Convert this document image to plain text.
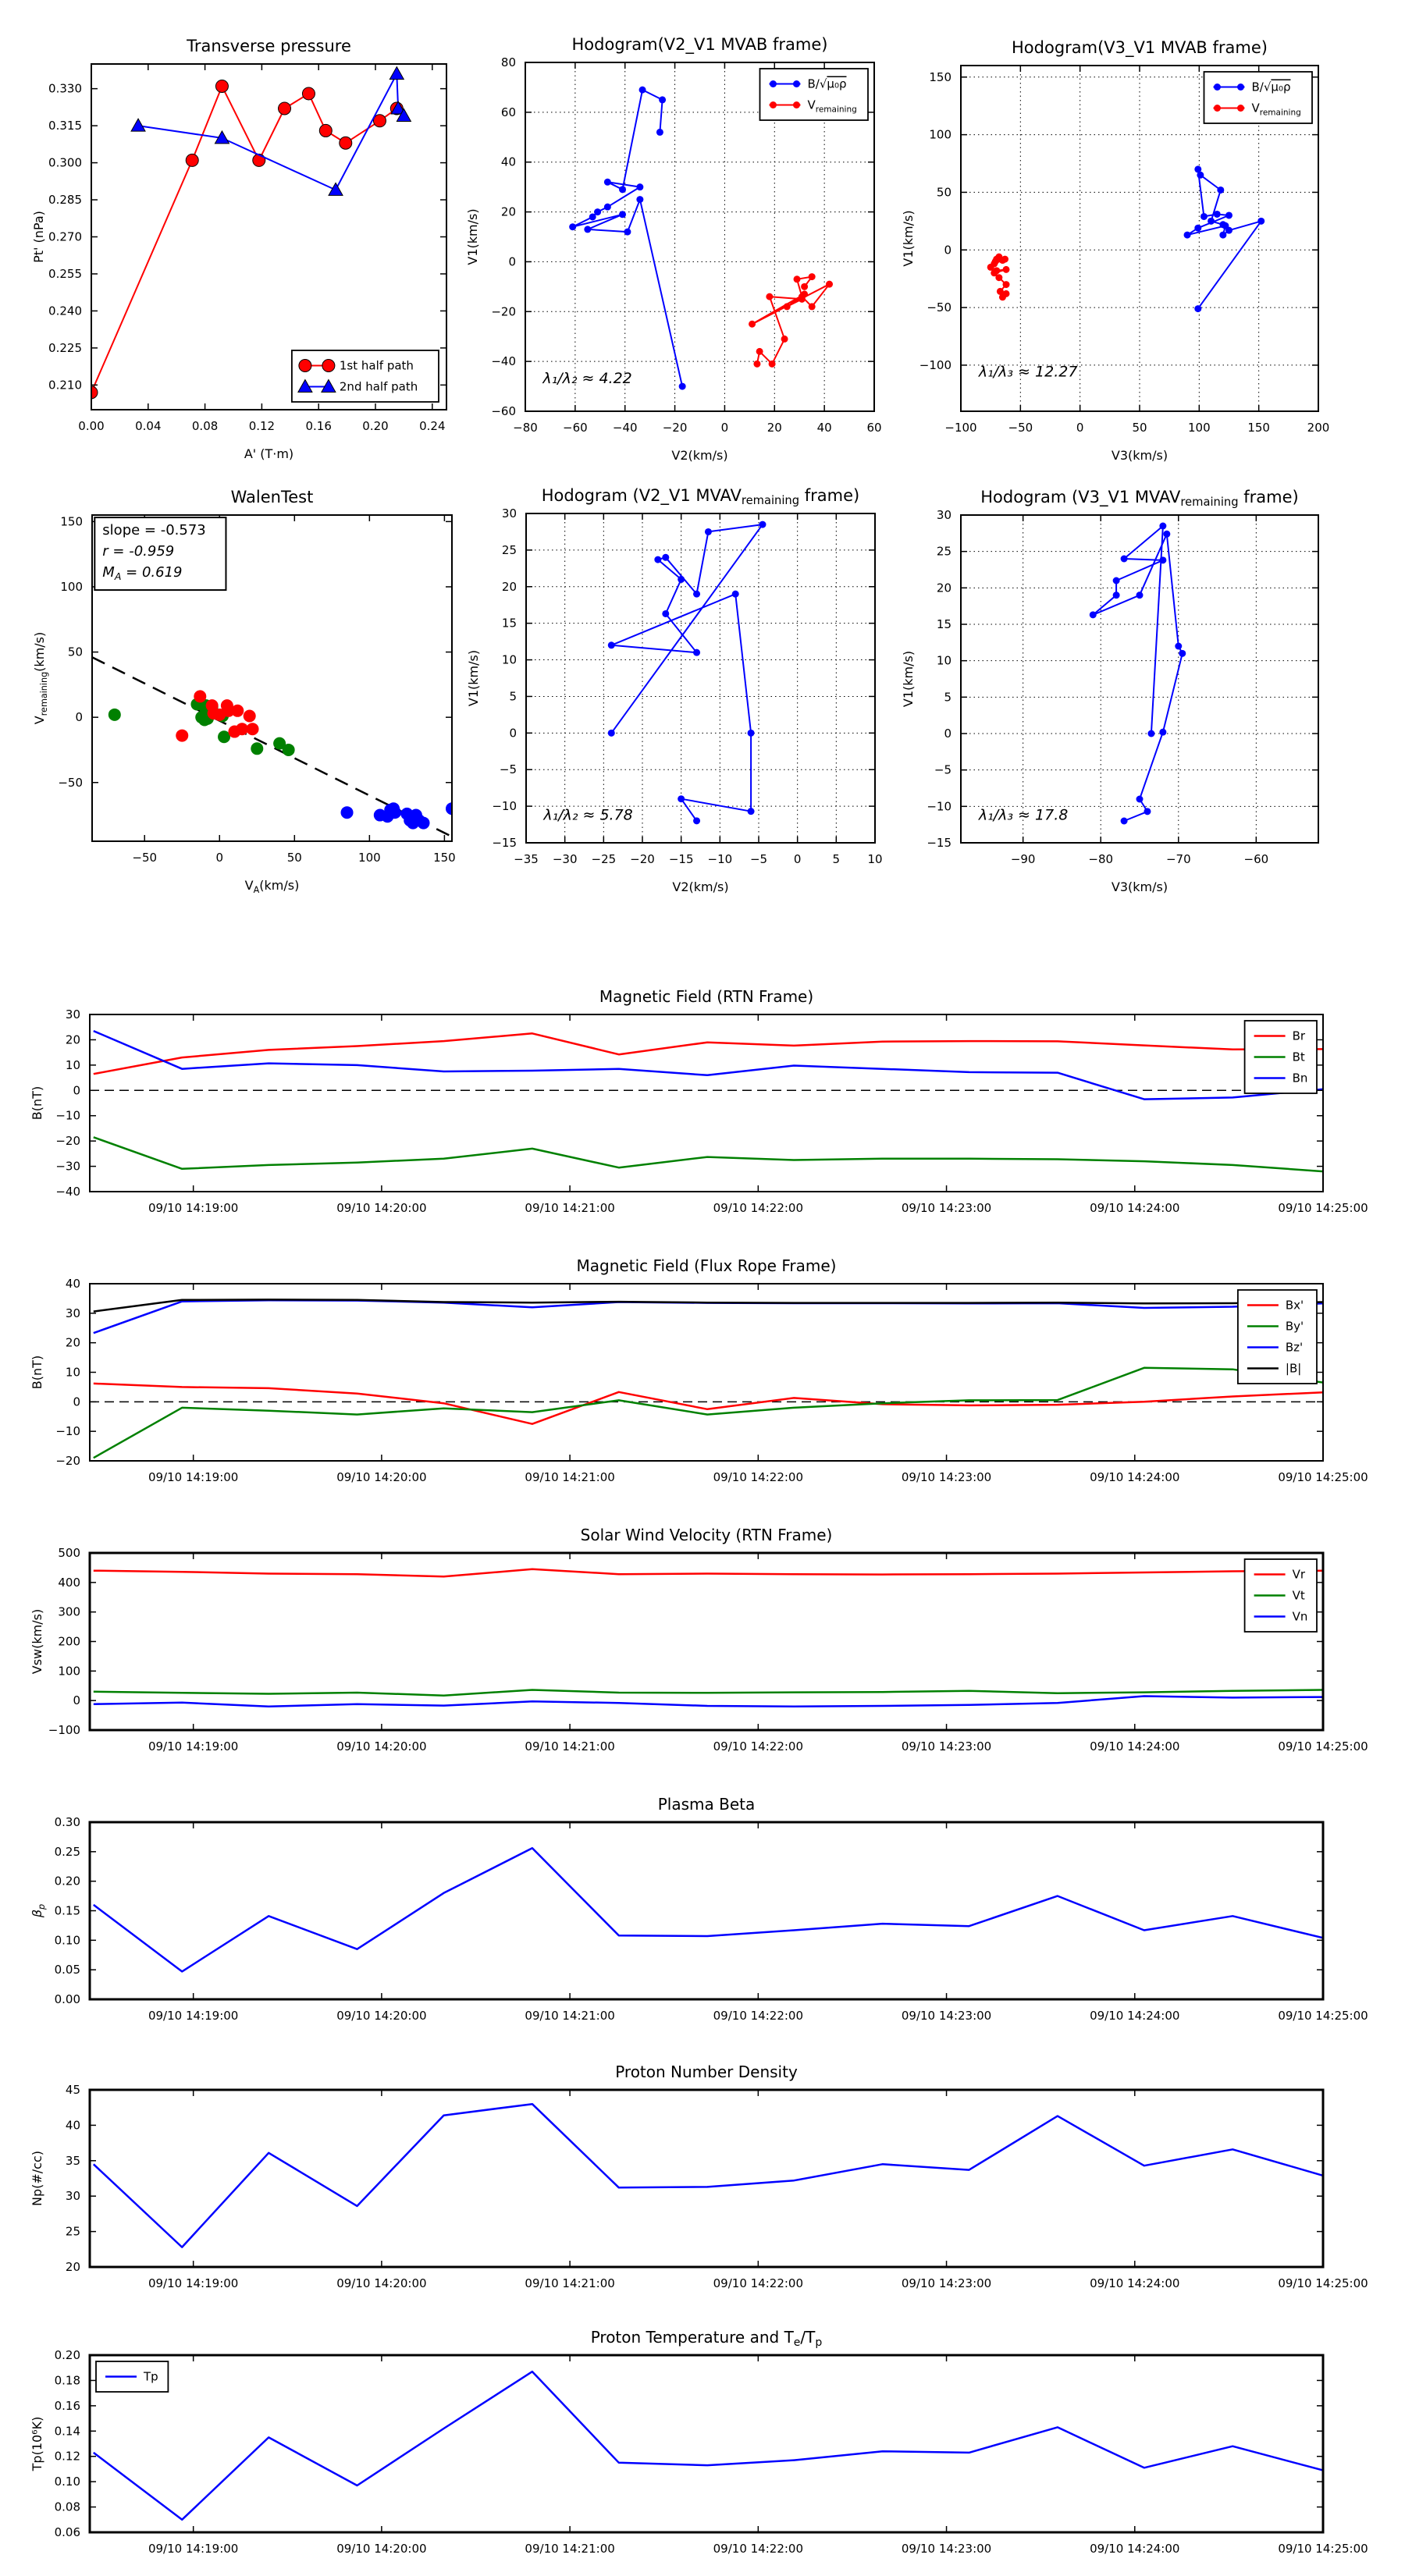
0.00	0.04	0.08	0.12	0.16	0.20	0.24
0.210
0.225
0.240
0.255
0.270
0.285
0.300
0.315
0.330
Transverse pressure
A' (T·m)
Pt' (nPa)
1st half path
2nd half path
−80 −60 −40 −20	0	20	40	60
−60
−40
−20
0
20
40
60
80
Hodogram(V2_V1 MVAB frame)
V2(km/s)
V1(km/s)
B/√μ₀ρ
$V_{remaining}$
λ₁/λ₂ ≈ 4.22
−100	−50	0	50	100	150	200
−100
−50
0
50
100
150
Hodogram(V3_V1 MVAB frame)
V3(km/s)
V1(km/s)
B/√μ₀ρ
$V_{remaining}$
λ₁/λ₃ ≈ 12.27
−50	0	50	100	150
−50
0
50
100
150
WalenTest
$V_A(km/s)$
$V_{remaining}(km/s)$
slope = -0.573
r = -0.959
$M_A = 0.619$
−35 −30 −25 −20 −15 −10 −5 0	5 10
−15
−10
−5
0
5
10
15
20
25
30
Hodogram (V2_V1 MVAVremaining frame)
V2(km/s)
V1(km/s)
λ₁/λ₂ ≈ 5.78
−90	−80	−70	−60
−15
−10
−5
0
5
10
15
20
25
30
Hodogram (V3_V1 MVAVremaining frame)
V3(km/s)
V1(km/s)
λ₁/λ₃ ≈ 17.8
09/10 14:19:00	09/10 14:20:00	09/10 14:21:00	09/10 14:22:00	09/10 14:23:00	09/10 14:24:00	09/10 14:25:00
−40
−30
−20
−10
0
10
20
30
Magnetic Field (RTN Frame)
B(nT)
Br
Bt
Bn
09/10 14:19:00	09/10 14:20:00	09/10 14:21:00	09/10 14:22:00	09/10 14:23:00	09/10 14:24:00	09/10 14:25:00
−20
−10
0
10
20
30
40
Magnetic Field (Flux Rope Frame)
B(nT)
Bx'
By'
Bz'
|B|
09/10 14:19:00	09/10 14:20:00	09/10 14:21:00	09/10 14:22:00	09/10 14:23:00	09/10 14:24:00	09/10 14:25:00
−100
0
100
200
300
400
500
Solar Wind Velocity (RTN Frame)
Vsw(km/s)
Vr
Vt
Vn
09/10 14:19:00	09/10 14:20:00	09/10 14:21:00	09/10 14:22:00	09/10 14:23:00	09/10 14:24:00	09/10 14:25:00
0.00
0.05
0.10
0.15
0.20
0.25
0.30
Plasma Beta
$\beta_p$
09/10 14:19:00	09/10 14:20:00	09/10 14:21:00	09/10 14:22:00	09/10 14:23:00	09/10 14:24:00	09/10 14:25:00
20
25
30
35
40
45
Proton Number Density
Np(#/cc)
09/10 14:19:00	09/10 14:20:00	09/10 14:21:00	09/10 14:22:00	09/10 14:23:00	09/10 14:24:00	09/10 14:25:00
0.06
0.08
0.10
0.12
0.14
0.16
0.18
0.20
Proton Temperature and $T_e/T_p$
Tp(10⁶K)
Tp
